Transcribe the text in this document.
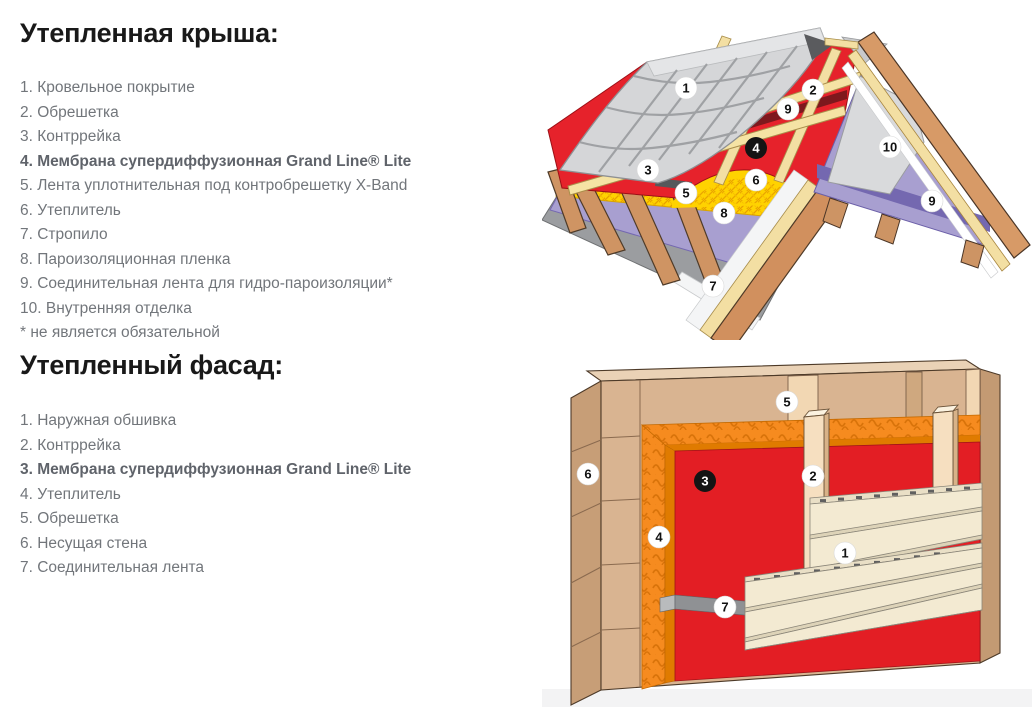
Утепленная крыша:
1. Кровельное покрытие
2. Обрешетка
3. Контррейка
4. Мембрана супердиффузионная Grand Line® Lite
5. Лента уплотнительная под контробрешетку X-Band
6. Утеплитель
7. Стропило
8. Пароизоляционная пленка
9. Соединительная лента для гидро-пароизоляции*
10. Внутренняя отделка
* не является обязательной
Утепленный фасад:
1. Наружная обшивка
2. Контррейка
3. Мембрана супердиффузионная Grand Line® Lite
4. Утеплитель
5. Обрешетка
6. Несущая стена
7. Соединительная лента
1	2
9
4	10
3
6
5
8
9
7
5
6	2
3
4
1
7
